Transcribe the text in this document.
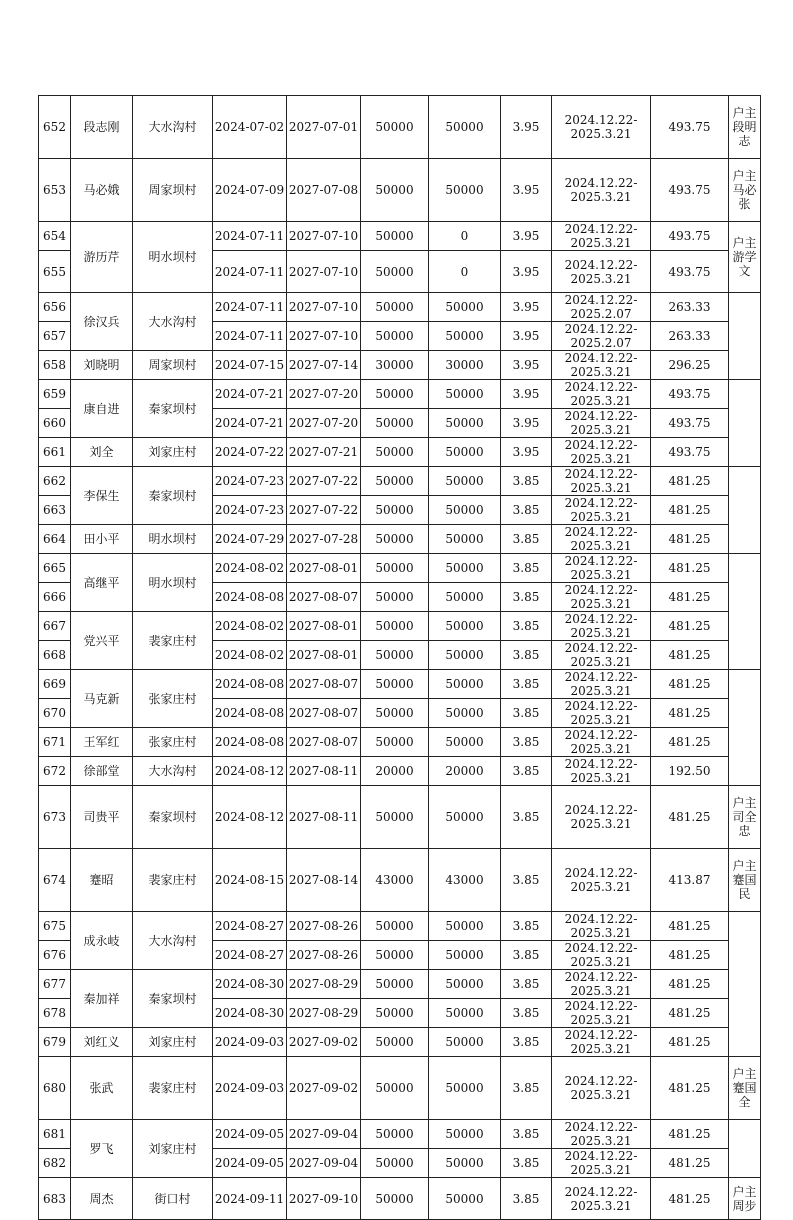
652	段志刚	大水沟村	2024-07-02	2027-07-01	50000	50000	3.95	2024.12.22-2025.3.21	493.75	户主
段明
志

653	马必娥	周家坝村	2024-07-09	2027-07-08	50000	50000	3.95	2024.12.22-2025.3.21	493.75	户主
马必
张

654	游历芹	明水坝村	2024-07-11	2027-07-10	50000	0	3.95	2024.12.22-2025.3.21	493.75	户主
游学
文

655			2024-07-11	2027-07-10	50000	0	3.95	2024.12.22-2025.3.21	493.75	
656	徐汉兵	大水沟村	2024-07-11	2027-07-10	50000	50000	3.95	2024.12.22-2025.2.07	263.33	
657			2024-07-11	2027-07-10	50000	50000	3.95	2024.12.22-2025.2.07	263.33	
658	刘晓明	周家坝村	2024-07-15	2027-07-14	30000	30000	3.95	2024.12.22-2025.3.21	296.25	
659	康自进	秦家坝村	2024-07-21	2027-07-20	50000	50000	3.95	2024.12.22-2025.3.21	493.75	
660			2024-07-21	2027-07-20	50000	50000	3.95	2024.12.22-2025.3.21	493.75	
661	刘全	刘家庄村	2024-07-22	2027-07-21	50000	50000	3.95	2024.12.22-2025.3.21	493.75	
662	李保生	秦家坝村	2024-07-23	2027-07-22	50000	50000	3.85	2024.12.22-2025.3.21	481.25	
663			2024-07-23	2027-07-22	50000	50000	3.85	2024.12.22-2025.3.21	481.25	
664	田小平	明水坝村	2024-07-29	2027-07-28	50000	50000	3.85	2024.12.22-2025.3.21	481.25	
665	高继平	明水坝村	2024-08-02	2027-08-01	50000	50000	3.85	2024.12.22-2025.3.21	481.25	
666			2024-08-08	2027-08-07	50000	50000	3.85	2024.12.22-2025.3.21	481.25	
667	党兴平	裴家庄村	2024-08-02	2027-08-01	50000	50000	3.85	2024.12.22-2025.3.21	481.25	
668			2024-08-02	2027-08-01	50000	50000	3.85	2024.12.22-2025.3.21	481.25	
669	马克新	张家庄村	2024-08-08	2027-08-07	50000	50000	3.85	2024.12.22-2025.3.21	481.25	
670			2024-08-08	2027-08-07	50000	50000	3.85	2024.12.22-2025.3.21	481.25	
671	王军红	张家庄村	2024-08-08	2027-08-07	50000	50000	3.85	2024.12.22-2025.3.21	481.25	
672	徐部堂	大水沟村	2024-08-12	2027-08-11	20000	20000	3.85	2024.12.22-2025.3.21	192.50	
673	司贵平	秦家坝村	2024-08-12	2027-08-11	50000	50000	3.85	2024.12.22-2025.3.21	481.25	户主
司全
忠

674	蹇昭	裴家庄村	2024-08-15	2027-08-14	43000	43000	3.85	2024.12.22-2025.3.21	413.87	户主
蹇国
民

675	成永岐	大水沟村	2024-08-27	2027-08-26	50000	50000	3.85	2024.12.22-2025.3.21	481.25	
676			2024-08-27	2027-08-26	50000	50000	3.85	2024.12.22-2025.3.21	481.25	
677	秦加祥	秦家坝村	2024-08-30	2027-08-29	50000	50000	3.85	2024.12.22-2025.3.21	481.25	
678			2024-08-30	2027-08-29	50000	50000	3.85	2024.12.22-2025.3.21	481.25	
679	刘红义	刘家庄村	2024-09-03	2027-09-02	50000	50000	3.85	2024.12.22-2025.3.21	481.25	
680	张武	裴家庄村	2024-09-03	2027-09-02	50000	50000	3.85	2024.12.22-2025.3.21	481.25	户主
蹇国
全

681	罗飞	刘家庄村	2024-09-05	2027-09-04	50000	50000	3.85	2024.12.22-2025.3.21	481.25	
682			2024-09-05	2027-09-04	50000	50000	3.85	2024.12.22-2025.3.21	481.25	
683	周杰	街口村	2024-09-11	2027-09-10	50000	50000	3.85	2024.12.22-2025.3.21	481.25	户主
周步
